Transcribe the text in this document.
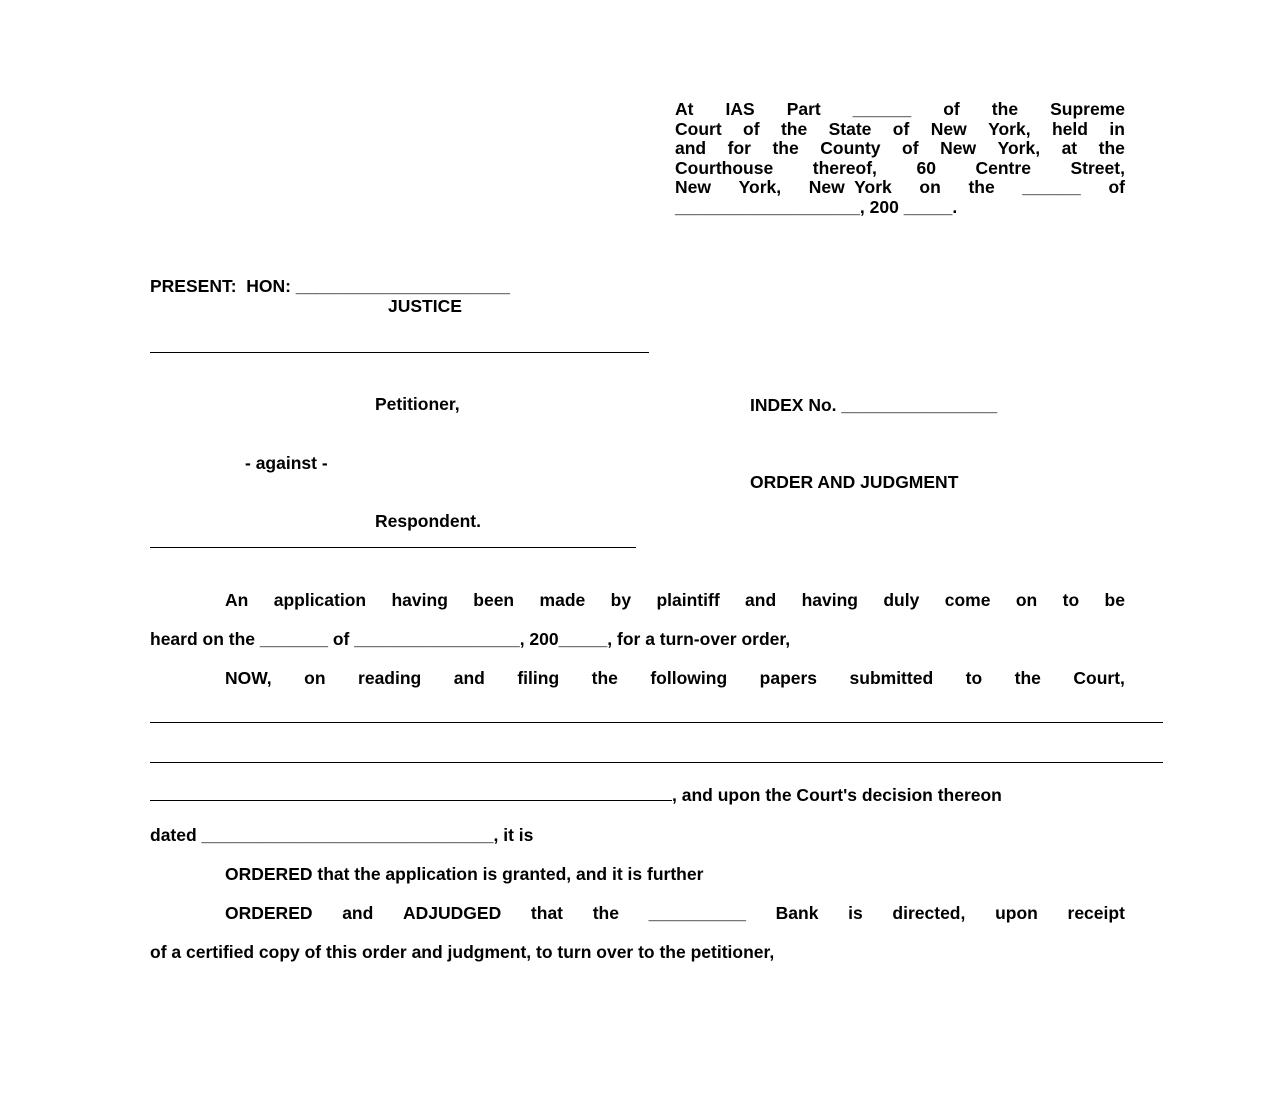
At IAS Part ______ of the Supreme
Court of the State of New York, held in
and for the County of New York, at the
Courthouse thereof, 60 Centre Street,
New York, New  York on the ______ of
___________________, 200 _____.
PRESENT:  HON: ______________________
JUSTICE
Petitioner,
- against -
Respondent.
INDEX No. ________________
ORDER AND JUDGMENT
An application having been made by plaintiff and having duly come on to be
heard on the _______ of _________________, 200_____, for a turn-over order,
NOW, on reading and filing the following papers submitted to the Court,
, and upon the Court's decision thereon
dated ______________________________, it is
ORDERED that the application is granted, and it is further
ORDERED and ADJUDGED that the __________ Bank is directed, upon receipt
of a certified copy of this order and judgment, to turn over to the petitioner,
